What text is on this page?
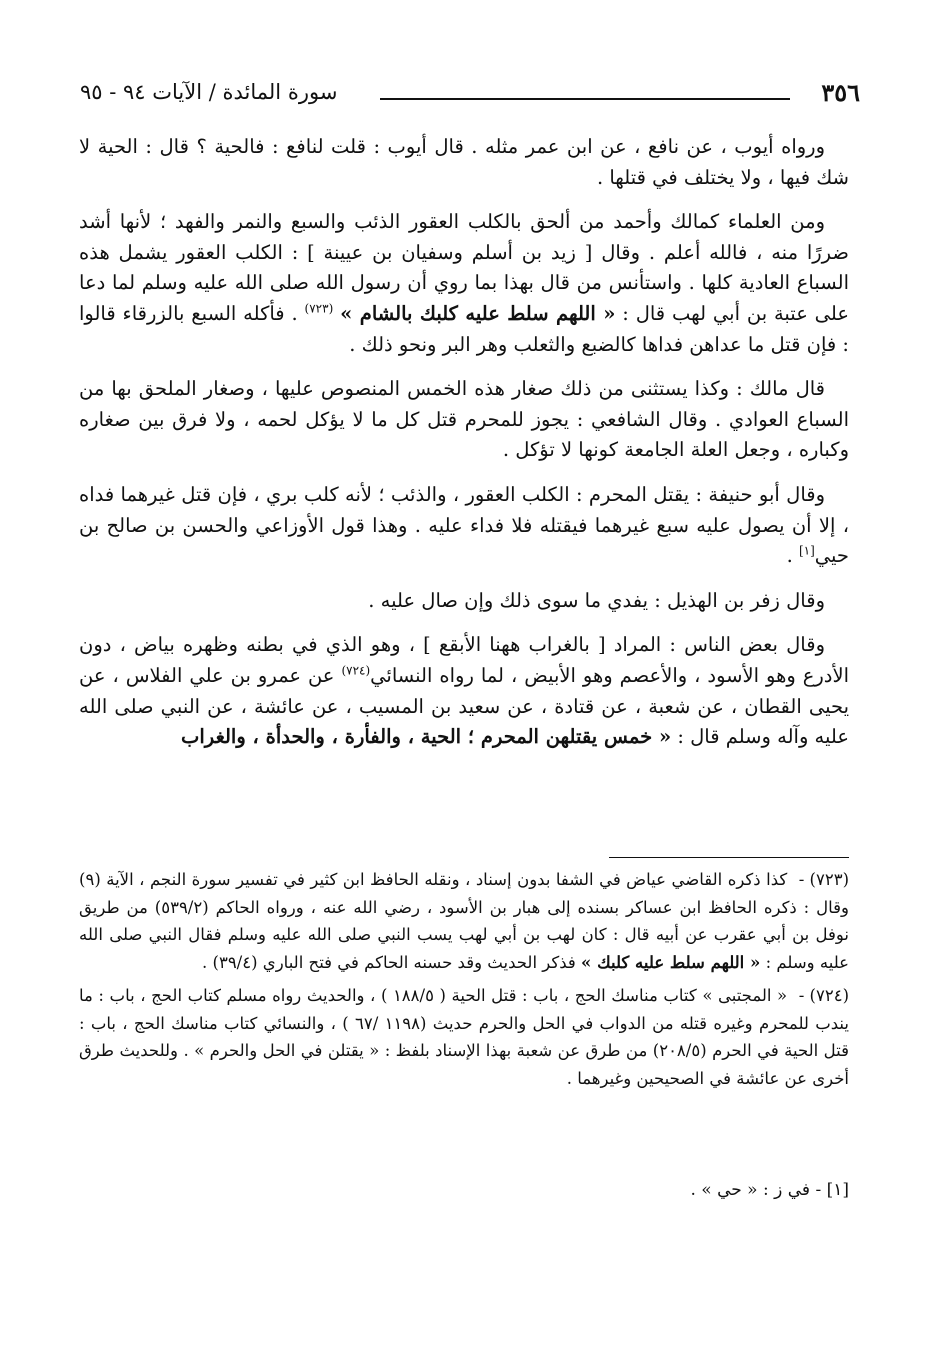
٣٥٦
سورة المائدة / الآيات ٩٤ - ٩٥

ورواه أيوب ، عن نافع ، عن ابن عمر مثله . قال أيوب : قلت لنافع : فالحية ؟ قال : الحية لا شك فيها ، ولا يختلف في قتلها .

ومن العلماء كمالك وأحمد من ألحق بالكلب العقور الذئب والسبع والنمر والفهد ؛ لأنها أشد ضررًا منه ، فالله أعلم . وقال [ زيد بن أسلم وسفيان بن عيينة ] : الكلب العقور يشمل هذه السباع العادية كلها . واستأنس من قال بهذا بما روي أن رسول الله صلى الله عليه وسلم لما دعا على عتبة بن أبي لهب قال : « اللهم سلط عليه كلبك بالشام » $^{(٧٢٣)}$ . فأكله السبع بالزرقاء قالوا : فإن قتل ما عداهن فداها كالضبع والثعلب وهر البر ونحو ذلك .

قال مالك : وكذا يستثنى من ذلك صغار هذه الخمس المنصوص عليها ، وصغار الملحق بها من السباع العوادي . وقال الشافعي : يجوز للمحرم قتل كل ما لا يؤكل لحمه ، ولا فرق بين صغاره وكباره ، وجعل العلة الجامعة كونها لا تؤكل .

وقال أبو حنيفة : يقتل المحرم : الكلب العقور ، والذئب ؛ لأنه كلب بري ، فإن قتل غيرهما فداه ، إلا أن يصول عليه سبع غيرهما فيقتله فلا فداء عليه . وهذا قول الأوزاعي والحسن بن صالح بن حيي[١] .

وقال زفر بن الهذيل : يفدي ما سوى ذلك وإن صال عليه .

وقال بعض الناس : المراد [ بالغراب ههنا الأبقع ] ، وهو الذي في بطنه وظهره بياض ، دون الأدرع وهو الأسود ، والأعصم وهو الأبيض ، لما رواه النسائي$^{(٧٢٤)}$ عن عمرو بن علي الفلاس ، عن يحيى القطان ، عن شعبة ، عن قتادة ، عن سعيد بن المسيب ، عن عائشة ، عن النبي صلى الله عليه وآله وسلم قال : « خمس يقتلهن المحرم ؛ الحية ، والفأرة ، والحدأة ، والغراب

(٧٢٣) - كذا ذكره القاضي عياض في الشفا بدون إسناد ، ونقله الحافظ ابن كثير في تفسير سورة النجم ، الآية (٩) وقال : ذكره الحافظ ابن عساكر بسنده إلى هبار بن الأسود ، رضي الله عنه ، ورواه الحاكم (٥٣٩/٢) من طريق نوفل بن أبي عقرب عن أبيه قال : كان لهب بن أبي لهب يسب النبي صلى الله عليه وسلم فقال النبي صلى الله عليه وسلم : « اللهم سلط عليه كلبك » فذكر الحديث وقد حسنه الحاكم في فتح الباري (٣٩/٤) .

(٧٢٤) - « المجتبى » كتاب مناسك الحج ، باب : قتل الحية ( ١٨٨/٥ ) ، والحديث رواه مسلم كتاب الحج ، باب : ما يندب للمحرم وغيره قتله من الدواب في الحل والحرم حديث (١١٩٨ /٦٧ ) ، والنسائي كتاب مناسك الحج ، باب : قتل الحية في الحرم (٢٠٨/٥) من طرق عن شعبة بهذا الإسناد بلفظ : « يقتلن في الحل والحرم » . وللحديث طرق أخرى عن عائشة في الصحيحين وغيرهما .

[١] - في ز : « حي » .
